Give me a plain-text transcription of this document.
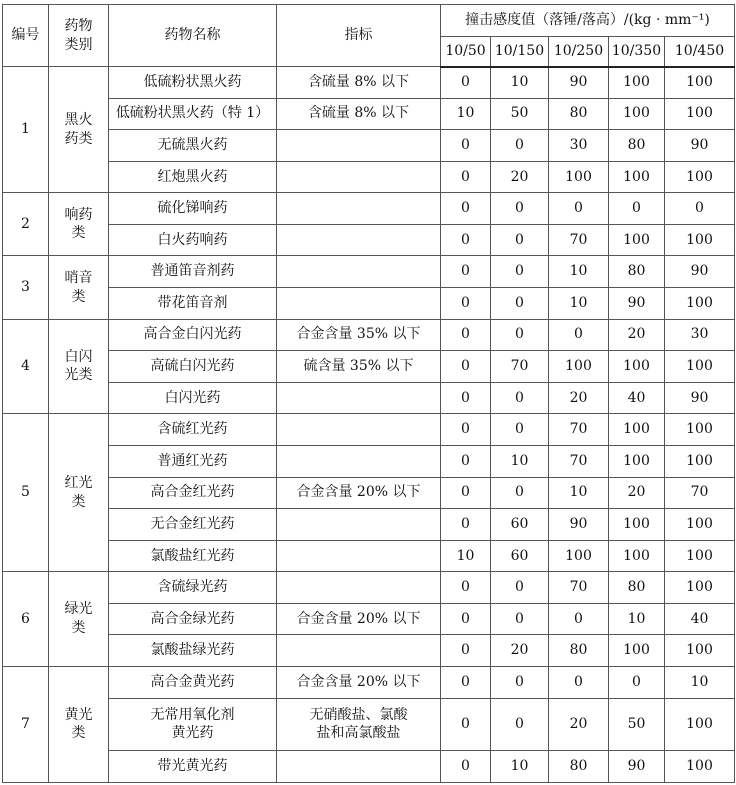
编号	药物类别	药物名称	指标	撞击感度值（落锤/落高）/(kg · mm⁻¹)				
				10/50	10/150	10/250	10/350	10/450
1	黑火药类	低硫粉状黑火药	含硫量 8% 以下	0	10	90	100	100
		低硫粉状黑火药（特 1）	含硫量 8% 以下	10	50	80	100	100
		无硫黑火药		0	0	30	80	90
		红炮黑火药		0	20	100	100	100
2	响药类	硫化锑响药		0	0	0	0	0
		白火药响药		0	0	70	100	100
3	哨音类	普通笛音剂药		0	0	10	80	90
		带花笛音剂		0	0	10	90	100
4	白闪光类	高合金白闪光药	合金含量 35% 以下	0	0	0	20	30
		高硫白闪光药	硫含量 35% 以下	0	70	100	100	100
		白闪光药		0	0	20	40	90
5	红光类	含硫红光药		0	0	70	100	100
		普通红光药		0	10	70	100	100
		高合金红光药	合金含量 20% 以下	0	0	10	20	70
		无合金红光药		0	60	90	100	100
		氯酸盐红光药		10	60	100	100	100
6	绿光类	含硫绿光药		0	0	70	80	100
		高合金绿光药	合金含量 20% 以下	0	0	0	10	40
		氯酸盐绿光药		0	20	80	100	100
7	黄光类	高合金黄光药	合金含量 20% 以下	0	0	0	0	10
		无常用氧化剂黄光药	无硝酸盐、氯酸盐和高氯酸盐	0	0	20	50	100
		带光黄光药		0	10	80	90	100
